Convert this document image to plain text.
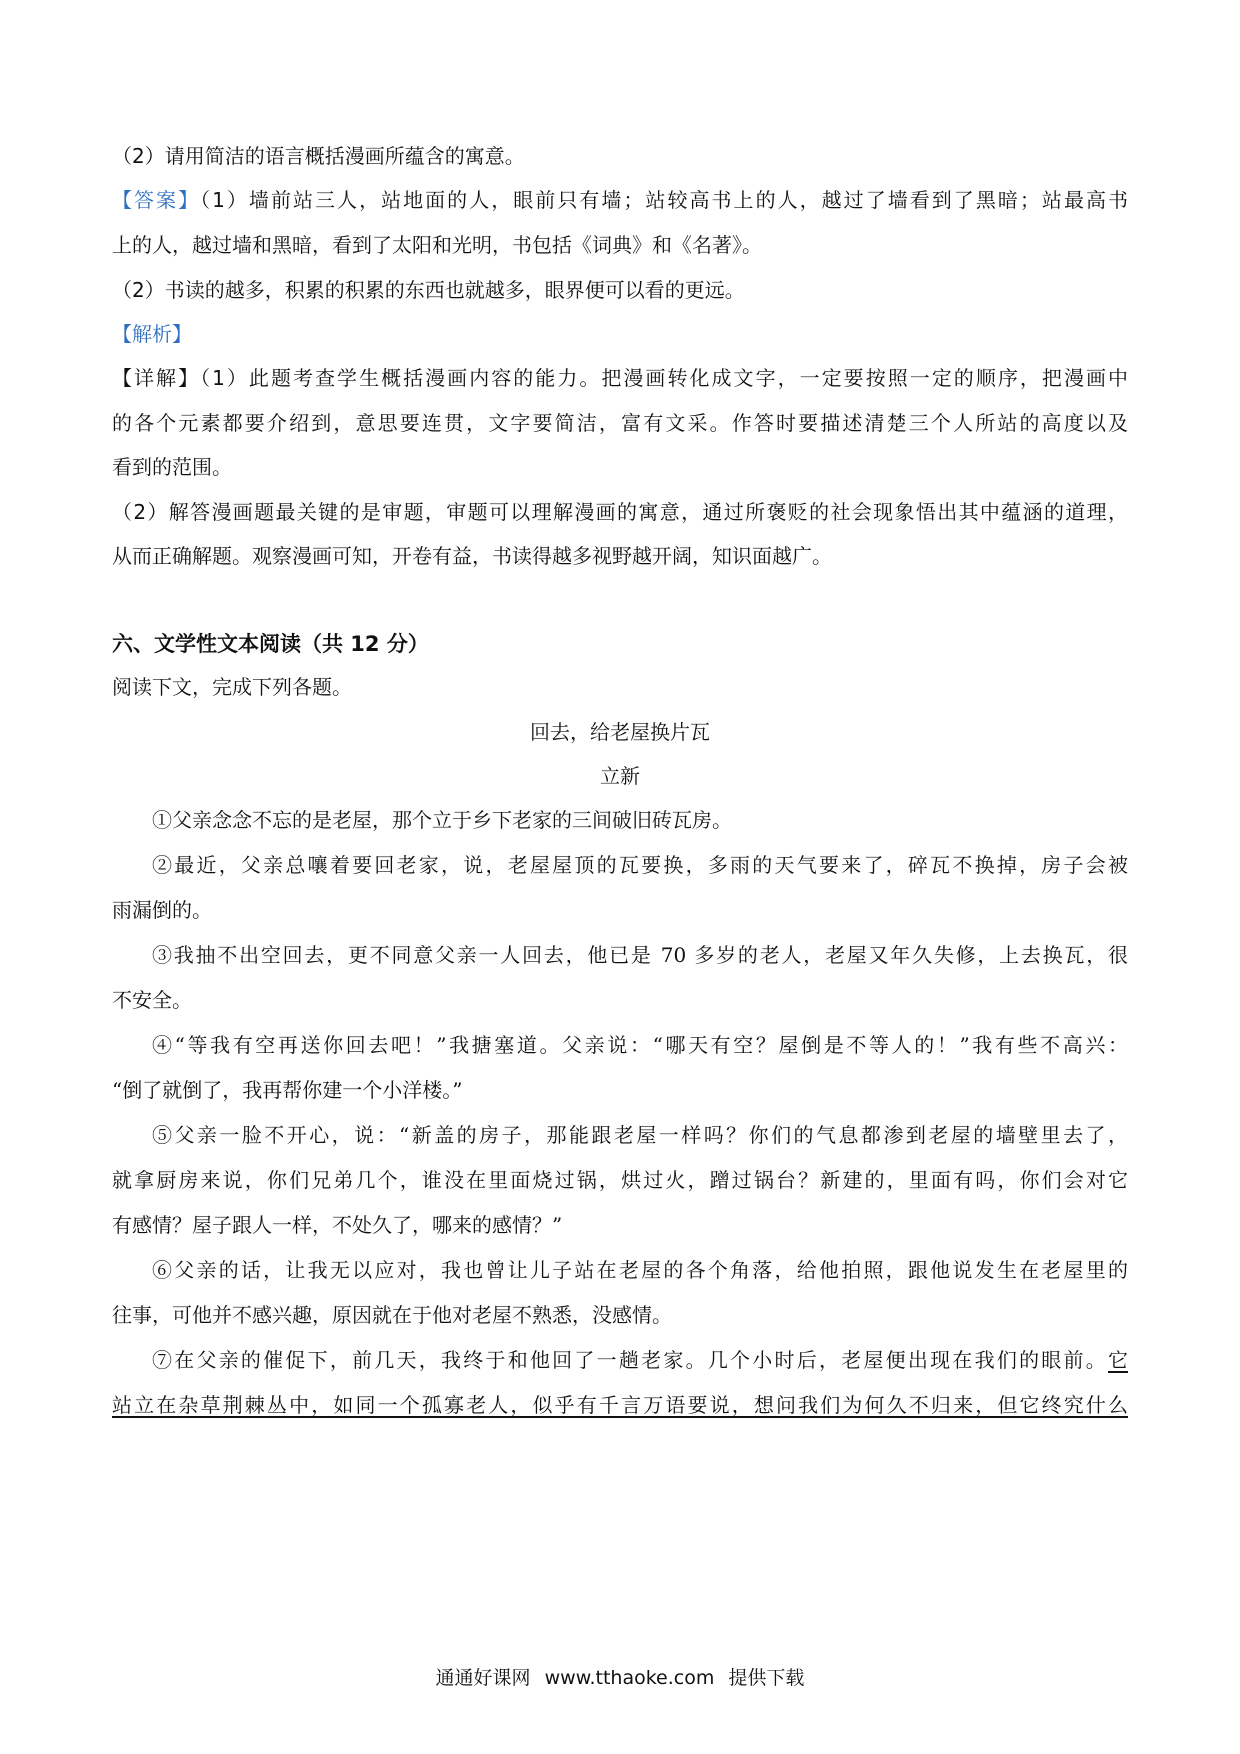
（2）请用简洁的语言概括漫画所蕴含的寓意。
【答案】（1）墙前站三人，站地面的人，眼前只有墙；站较高书上的人，越过了墙看到了黑暗；站最高书
上的人，越过墙和黑暗，看到了太阳和光明，书包括《词典》和《名著》。
（2）书读的越多，积累的积累的东西也就越多，眼界便可以看的更远。
【解析】
【详解】（1）此题考查学生概括漫画内容的能力。把漫画转化成文字，一定要按照一定的顺序，把漫画中
的各个元素都要介绍到，意思要连贯，文字要简洁，富有文采。作答时要描述清楚三个人所站的高度以及
看到的范围。
（2）解答漫画题最关键的是审题，审题可以理解漫画的寓意，通过所褒贬的社会现象悟出其中蕴涵的道理，
从而正确解题。观察漫画可知，开卷有益，书读得越多视野越开阔，知识面越广。
六、文学性文本阅读（共 12 分）
阅读下文，完成下列各题。
回去，给老屋换片瓦
立新
①父亲念念不忘的是老屋，那个立于乡下老家的三间破旧砖瓦房。
②最近，父亲总嚷着要回老家，说，老屋屋顶的瓦要换，多雨的天气要来了，碎瓦不换掉，房子会被
雨漏倒的。
③我抽不出空回去，更不同意父亲一人回去，他已是 70 多岁的老人，老屋又年久失修，上去换瓦，很
不安全。
④“等我有空再送你回去吧！”我搪塞道。父亲说：“哪天有空？屋倒是不等人的！”我有些不高兴：
“倒了就倒了，我再帮你建一个小洋楼。”
⑤父亲一脸不开心，说：“新盖的房子，那能跟老屋一样吗？你们的气息都渗到老屋的墙壁里去了，
就拿厨房来说，你们兄弟几个，谁没在里面烧过锅，烘过火，蹭过锅台？新建的，里面有吗，你们会对它
有感情？屋子跟人一样，不处久了，哪来的感情？”
⑥父亲的话，让我无以应对，我也曾让儿子站在老屋的各个角落，给他拍照，跟他说发生在老屋里的
往事，可他并不感兴趣，原因就在于他对老屋不熟悉，没感情。
⑦在父亲的催促下，前几天，我终于和他回了一趟老家。几个小时后，老屋便出现在我们的眼前。它
站立在杂草荆棘丛中，如同一个孤寡老人，似乎有千言万语要说，想问我们为何久不归来，但它终究什么
通通好课网 www.tthaoke.com 提供下载
